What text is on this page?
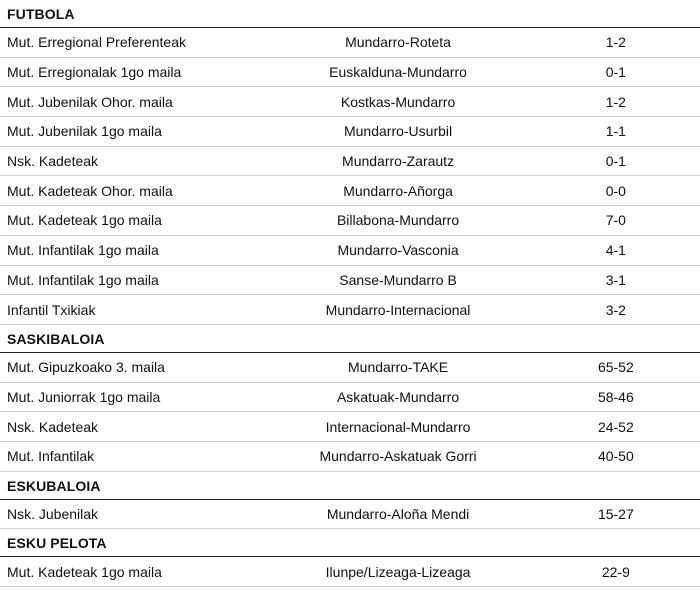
FUTBOLA
Mut. Erregional Preferenteak	Mundarro-Roteta	1-2
Mut. Erregionalak 1go maila	Euskalduna-Mundarro	0-1
Mut. Jubenilak Ohor. maila	Kostkas-Mundarro	1-2
Mut. Jubenilak 1go maila	Mundarro-Usurbil	1-1
Nsk. Kadeteak	Mundarro-Zarautz	0-1
Mut. Kadeteak Ohor. maila	Mundarro-Añorga	0-0
Mut. Kadeteak 1go maila	Billabona-Mundarro	7-0
Mut. Infantilak 1go maila	Mundarro-Vasconia	4-1
Mut. Infantilak 1go maila	Sanse-Mundarro B	3-1
Infantil Txikiak	Mundarro-Internacional	3-2
SASKIBALOIA
Mut. Gipuzkoako 3. maila	Mundarro-TAKE	65-52
Mut. Juniorrak 1go maila	Askatuak-Mundarro	58-46
Nsk. Kadeteak	Internacional-Mundarro	24-52
Mut. Infantilak	Mundarro-Askatuak Gorri	40-50
ESKUBALOIA
Nsk. Jubenilak	Mundarro-Aloña Mendi	15-27
ESKU PELOTA
Mut. Kadeteak 1go maila	Ilunpe/Lizeaga-Lizeaga	22-9
